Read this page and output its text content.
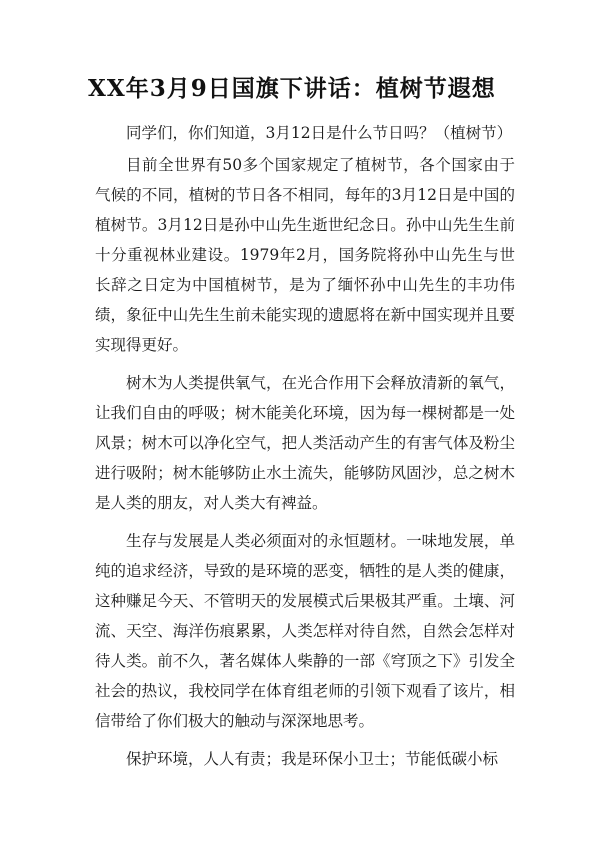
XX年3月9日国旗下讲话：植树节遐想

同学们，你们知道，3月12日是什么节日吗？（植树节）

目前全世界有50多个国家规定了植树节，各个国家由于气候的不同，植树的节日各不相同，每年的3月12日是中国的植树节。3月12日是孙中山先生逝世纪念日。孙中山先生生前十分重视林业建设。1979年2月，国务院将孙中山先生与世长辞之日定为中国植树节，是为了缅怀孙中山先生的丰功伟绩，象征中山先生生前未能实现的遗愿将在新中国实现并且要实现得更好。

树木为人类提供氧气，在光合作用下会释放清新的氧气，让我们自由的呼吸；树木能美化环境，因为每一棵树都是一处风景；树木可以净化空气，把人类活动产生的有害气体及粉尘进行吸附；树木能够防止水土流失，能够防风固沙，总之树木是人类的朋友，对人类大有裨益。

生存与发展是人类必须面对的永恒题材。一味地发展，单纯的追求经济，导致的是环境的恶变，牺牲的是人类的健康，这种赚足今天、不管明天的发展模式后果极其严重。土壤、河流、天空、海洋伤痕累累，人类怎样对待自然，自然会怎样对待人类。前不久，著名媒体人柴静的一部《穹顶之下》引发全社会的热议，我校同学在体育组老师的引领下观看了该片，相信带给了你们极大的触动与深深地思考。

保护环境，人人有责；我是环保小卫士；节能低碳小标
